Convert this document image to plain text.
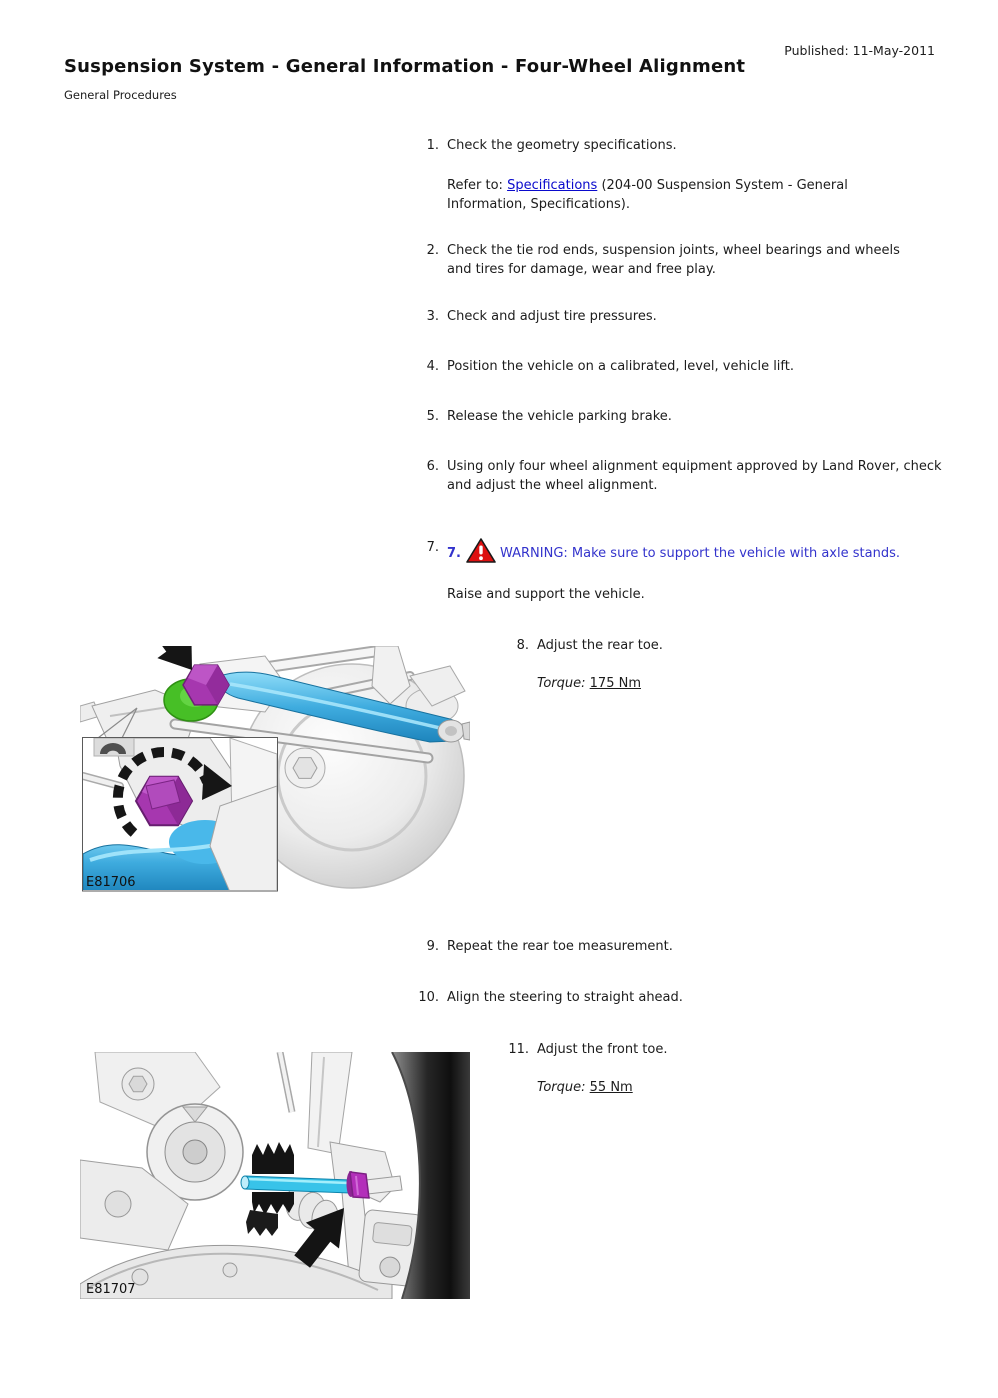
Published: 11-May-2011
Suspension System - General Information - Four-Wheel Alignment
General Procedures
1. Check the geometry specifications.
Refer to: Specifications (204-00 Suspension System - General Information, Specifications).
2. Check the tie rod ends, suspension joints, wheel bearings and wheels and tires for damage, wear and free play.
3. Check and adjust tire pressures.
4. Position the vehicle on a calibrated, level, vehicle lift.
5. Release the vehicle parking brake.
6. Using only four wheel alignment equipment approved by Land Rover, check and adjust the wheel alignment.
7. 7.	WARNING: Make sure to support the vehicle with axle stands.
Raise and support the vehicle.
8. Adjust the rear toe.
Torque: 175 Nm
E81706
9. Repeat the rear toe measurement.
10. Align the steering to straight ahead.
11. Adjust the front toe.
Torque: 55 Nm
E81707
